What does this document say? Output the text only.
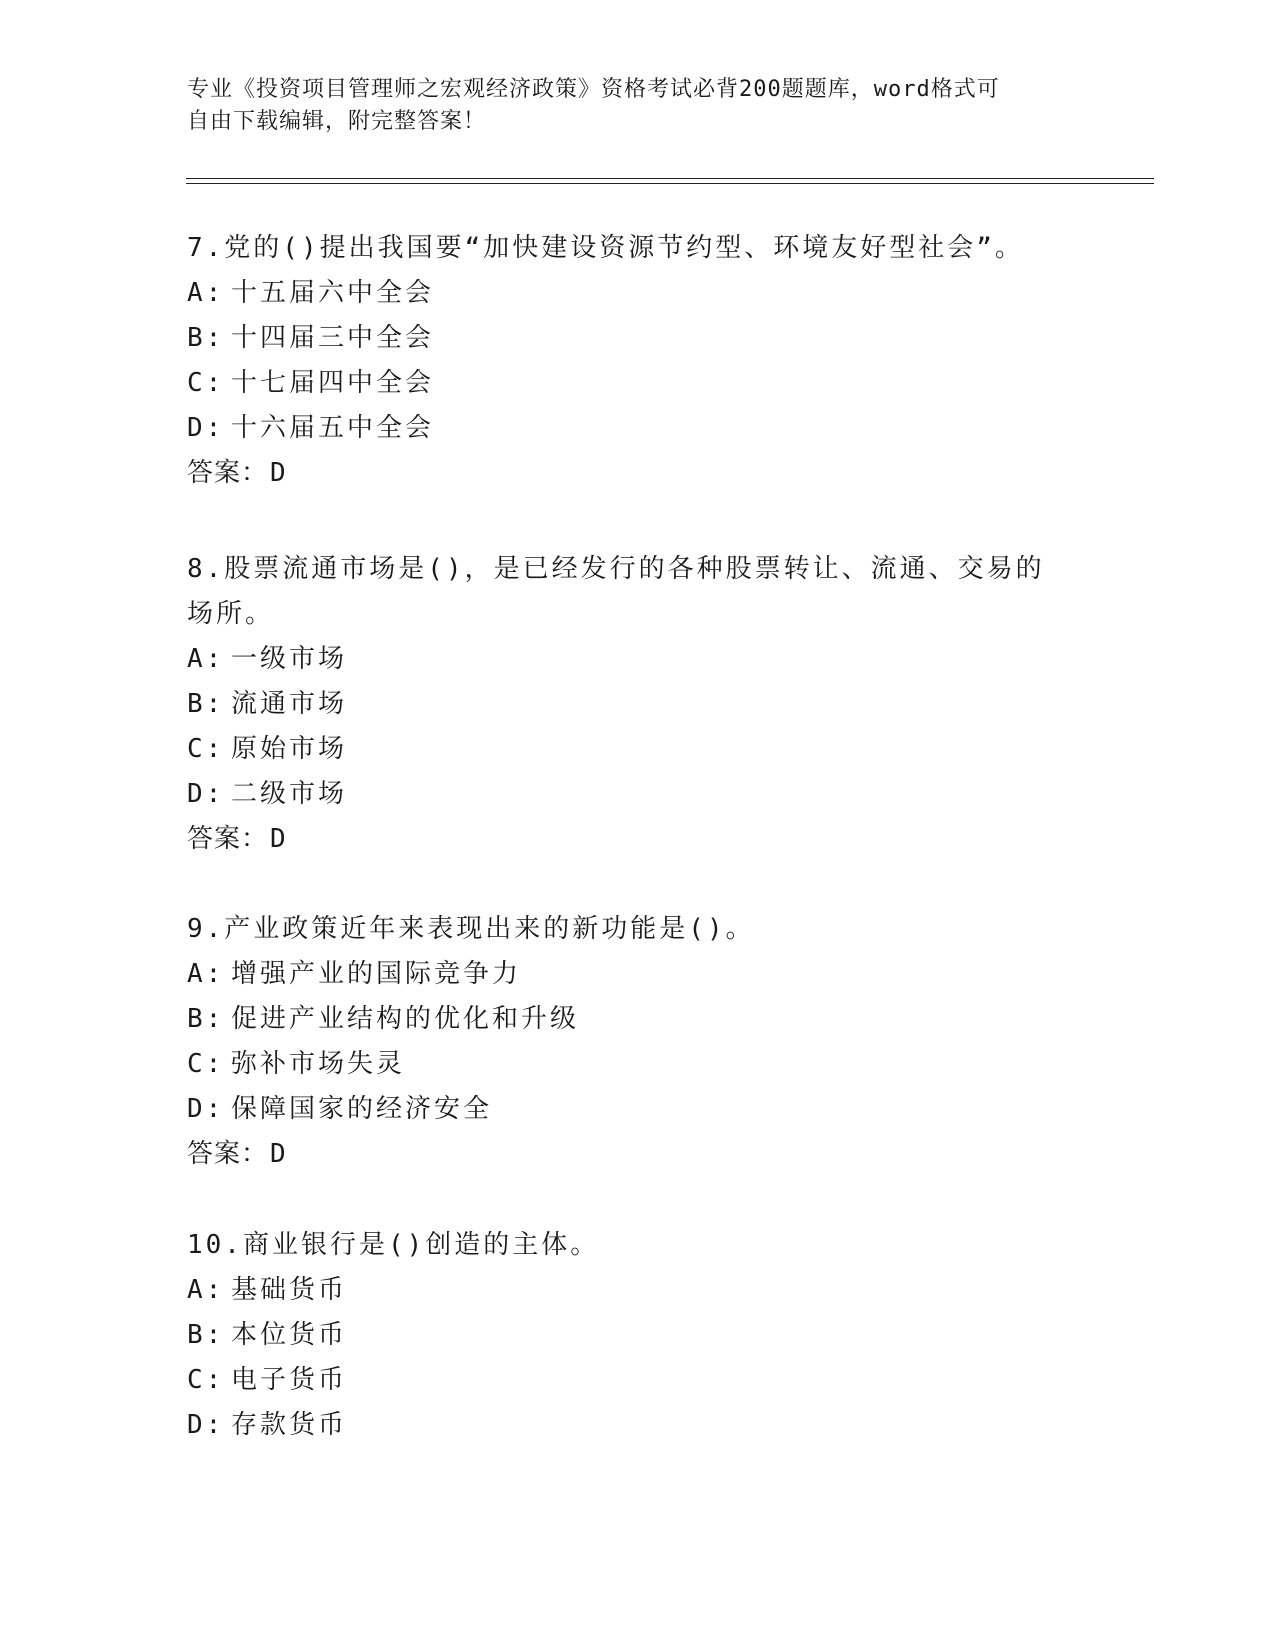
专业《投资项目管理师之宏观经济政策》资格考试必背200题题库，word格式可
自由下载编辑，附完整答案！
7.党的()提出我国要“加快建设资源节约型、环境友好型社会”。
A: 十五届六中全会
B: 十四届三中全会
C: 十七届四中全会
D: 十六届五中全会
答案：D
8.股票流通市场是()，是已经发行的各种股票转让、流通、交易的场所。
A: 一级市场
B: 流通市场
C: 原始市场
D: 二级市场
答案：D
9.产业政策近年来表现出来的新功能是()。
A: 增强产业的国际竞争力
B: 促进产业结构的优化和升级
C: 弥补市场失灵
D: 保障国家的经济安全
答案：D
10.商业银行是()创造的主体。
A: 基础货币
B: 本位货币
C: 电子货币
D: 存款货币
